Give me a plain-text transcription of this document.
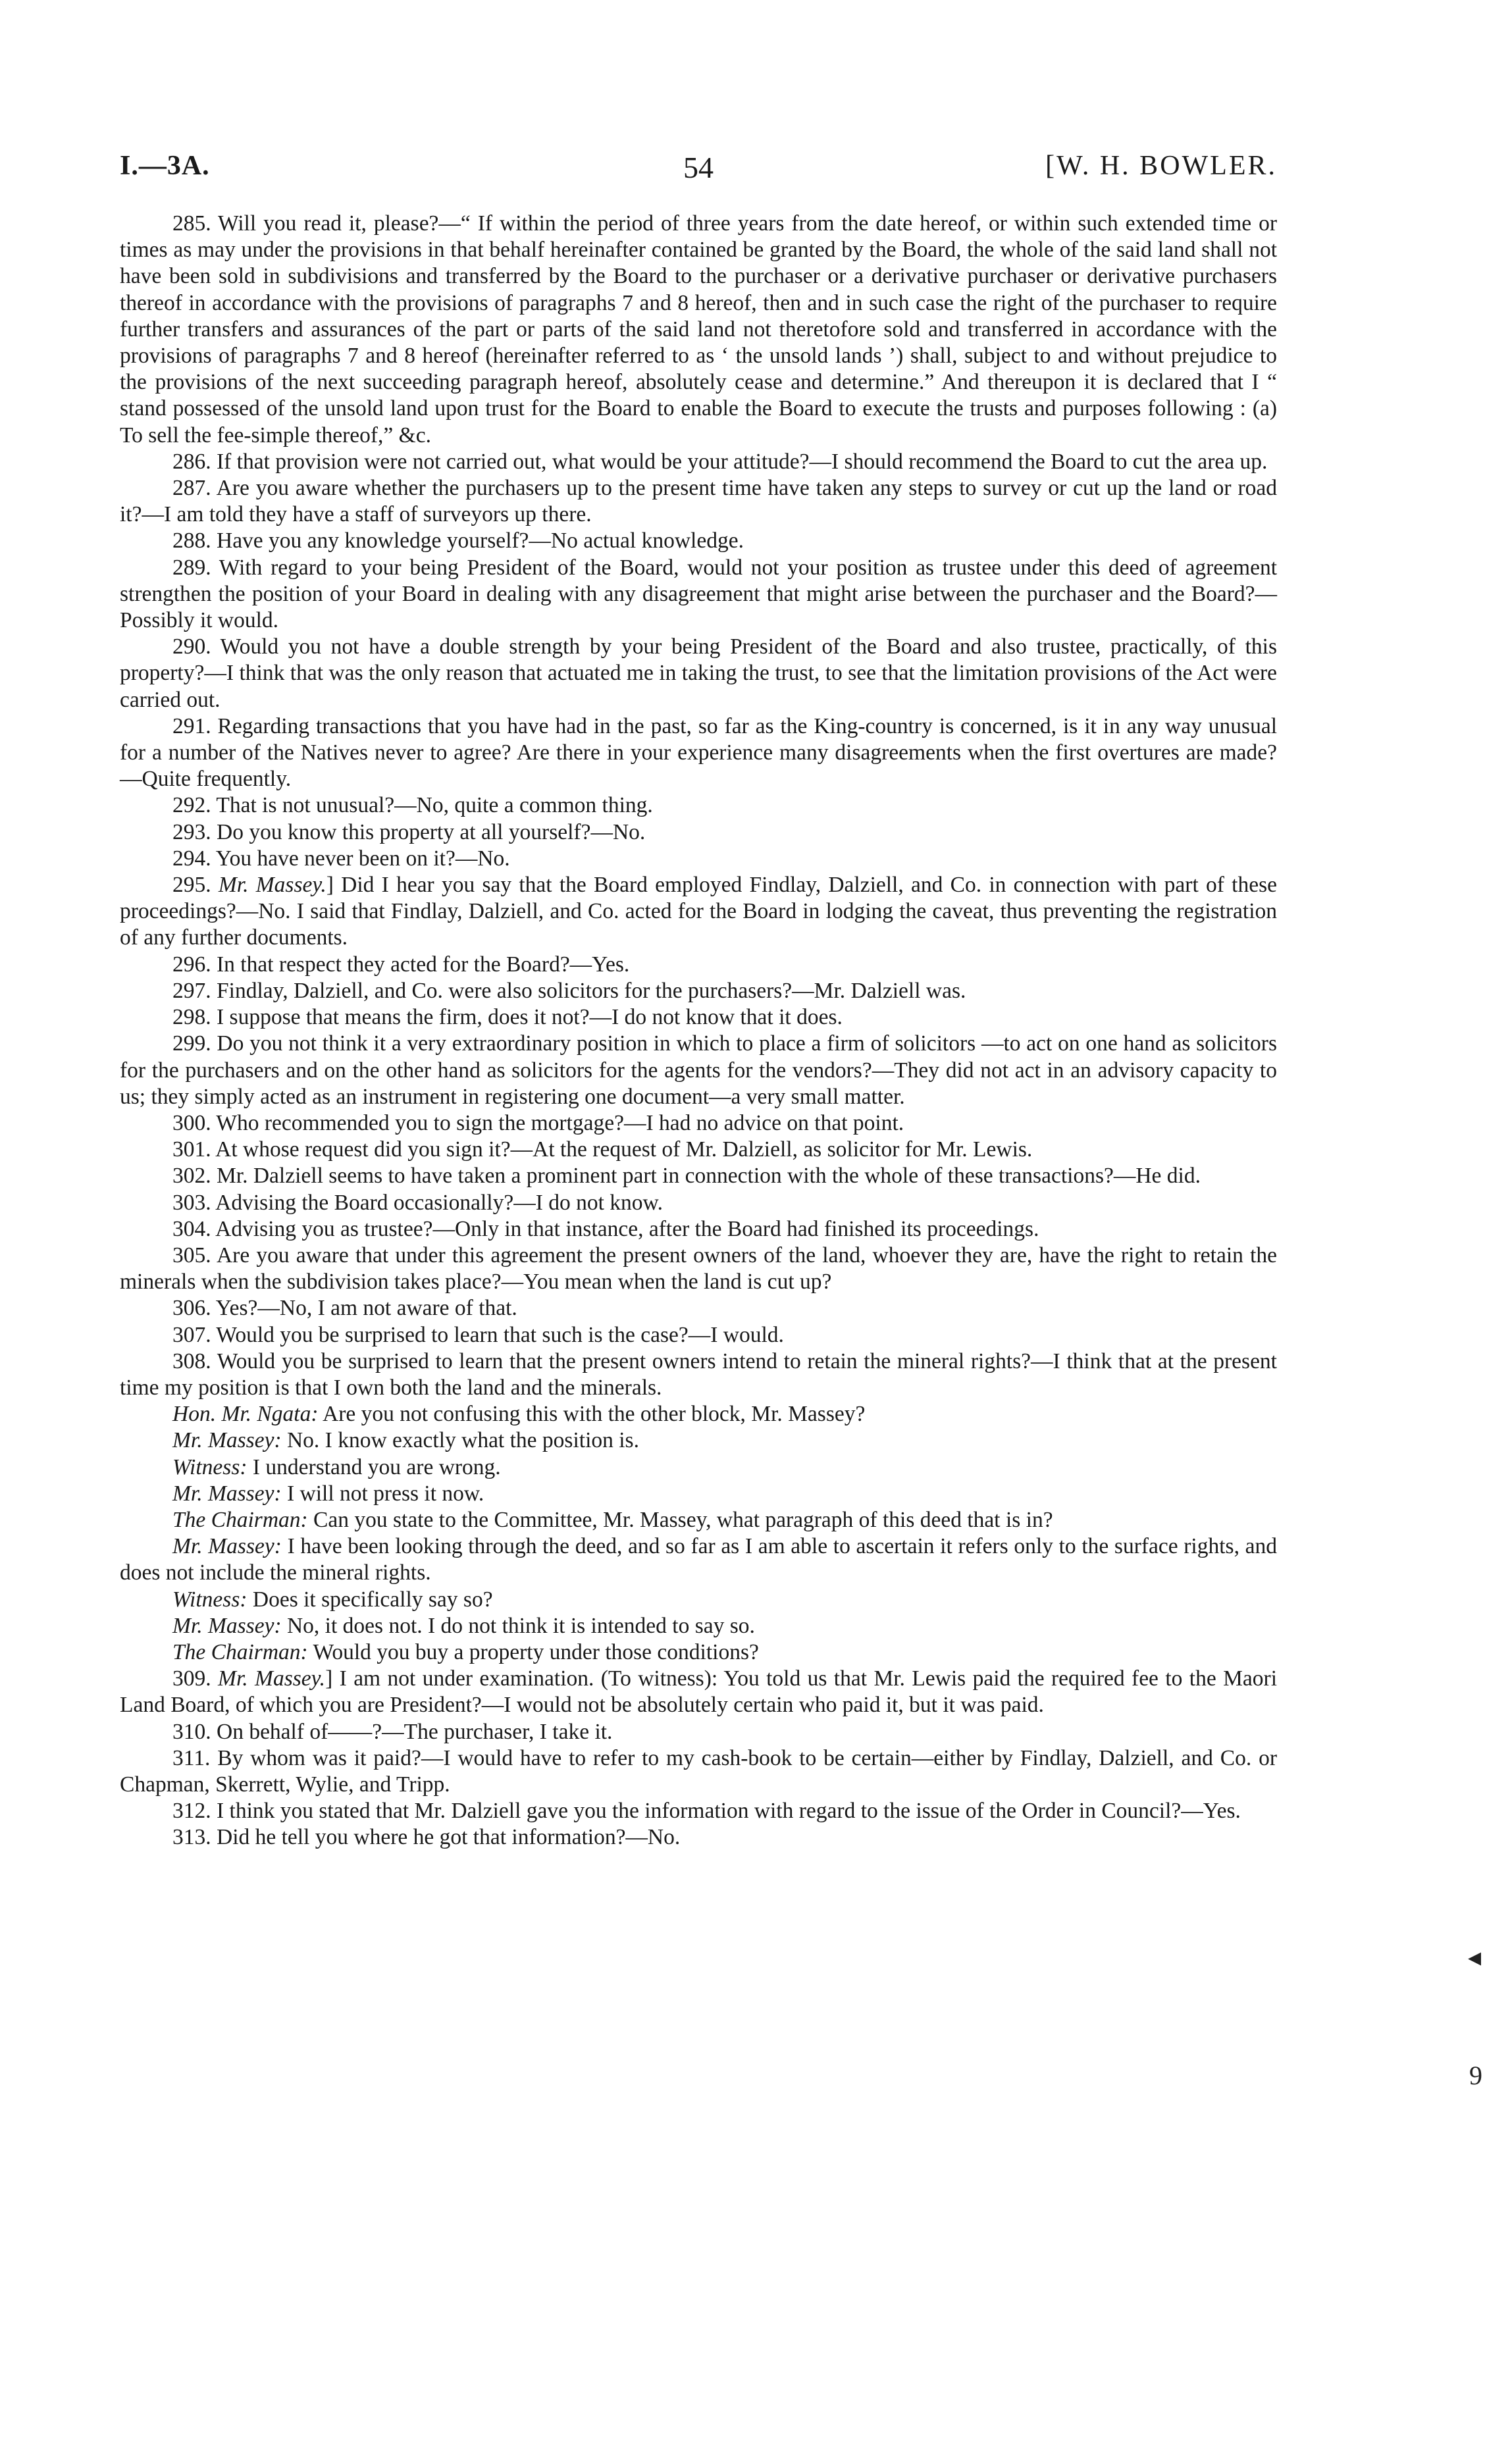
I.—3A.	54	[W. H. BOWLER.

285. Will you read it, please?—“ If within the period of three years from the date hereof, or within such extended time or times as may under the provisions in that behalf hereinafter contained be granted by the Board, the whole of the said land shall not have been sold in subdivisions and transferred by the Board to the purchaser or a derivative purchaser or derivative purchasers thereof in accordance with the provisions of paragraphs 7 and 8 hereof, then and in such case the right of the purchaser to require further transfers and assurances of the part or parts of the said land not theretofore sold and transferred in accordance with the provisions of paragraphs 7 and 8 hereof (hereinafter referred to as ‘ the unsold lands ’) shall, subject to and without prejudice to the provisions of the next succeeding paragraph hereof, absolutely cease and determine.” And thereupon it is declared that I “ stand possessed of the unsold land upon trust for the Board to enable the Board to execute the trusts and purposes following : (a) To sell the fee-simple thereof,” &c.

286. If that provision were not carried out, what would be your attitude?—I should recommend the Board to cut the area up.

287. Are you aware whether the purchasers up to the present time have taken any steps to survey or cut up the land or road it?—I am told they have a staff of surveyors up there.

288. Have you any knowledge yourself?—No actual knowledge.

289. With regard to your being President of the Board, would not your position as trustee under this deed of agreement strengthen the position of your Board in dealing with any disagreement that might arise between the purchaser and the Board?—Possibly it would.

290. Would you not have a double strength by your being President of the Board and also trustee, practically, of this property?—I think that was the only reason that actuated me in taking the trust, to see that the limitation provisions of the Act were carried out.

291. Regarding transactions that you have had in the past, so far as the King-country is concerned, is it in any way unusual for a number of the Natives never to agree? Are there in your experience many disagreements when the first overtures are made?—Quite frequently.

292. That is not unusual?—No, quite a common thing.

293. Do you know this property at all yourself?—No.

294. You have never been on it?—No.

295. Mr. Massey.] Did I hear you say that the Board employed Findlay, Dalziell, and Co. in connection with part of these proceedings?—No. I said that Findlay, Dalziell, and Co. acted for the Board in lodging the caveat, thus preventing the registration of any further documents.

296. In that respect they acted for the Board?—Yes.

297. Findlay, Dalziell, and Co. were also solicitors for the purchasers?—Mr. Dalziell was.

298. I suppose that means the firm, does it not?—I do not know that it does.

299. Do you not think it a very extraordinary position in which to place a firm of solicitors —to act on one hand as solicitors for the purchasers and on the other hand as solicitors for the agents for the vendors?—They did not act in an advisory capacity to us; they simply acted as an instrument in registering one document—a very small matter.

300. Who recommended you to sign the mortgage?—I had no advice on that point.

301. At whose request did you sign it?—At the request of Mr. Dalziell, as solicitor for Mr. Lewis.

302. Mr. Dalziell seems to have taken a prominent part in connection with the whole of these transactions?—He did.

303. Advising the Board occasionally?—I do not know.

304. Advising you as trustee?—Only in that instance, after the Board had finished its proceedings.

305. Are you aware that under this agreement the present owners of the land, whoever they are, have the right to retain the minerals when the subdivision takes place?—You mean when the land is cut up?

306. Yes?—No, I am not aware of that.

307. Would you be surprised to learn that such is the case?—I would.

308. Would you be surprised to learn that the present owners intend to retain the mineral rights?—I think that at the present time my position is that I own both the land and the minerals.

Hon. Mr. Ngata: Are you not confusing this with the other block, Mr. Massey?

Mr. Massey: No. I know exactly what the position is.

Witness: I understand you are wrong.

Mr. Massey: I will not press it now.

The Chairman: Can you state to the Committee, Mr. Massey, what paragraph of this deed that is in?

Mr. Massey: I have been looking through the deed, and so far as I am able to ascertain it refers only to the surface rights, and does not include the mineral rights.

Witness: Does it specifically say so?

Mr. Massey: No, it does not. I do not think it is intended to say so.

The Chairman: Would you buy a property under those conditions?

309. Mr. Massey.] I am not under examination. (To witness): You told us that Mr. Lewis paid the required fee to the Maori Land Board, of which you are President?—I would not be absolutely certain who paid it, but it was paid.

310. On behalf of——?—The purchaser, I take it.

311. By whom was it paid?—I would have to refer to my cash-book to be certain—either by Findlay, Dalziell, and Co. or Chapman, Skerrett, Wylie, and Tripp.

312. I think you stated that Mr. Dalziell gave you the information with regard to the issue of the Order in Council?—Yes.

313. Did he tell you where he got that information?—No.

◂
9
